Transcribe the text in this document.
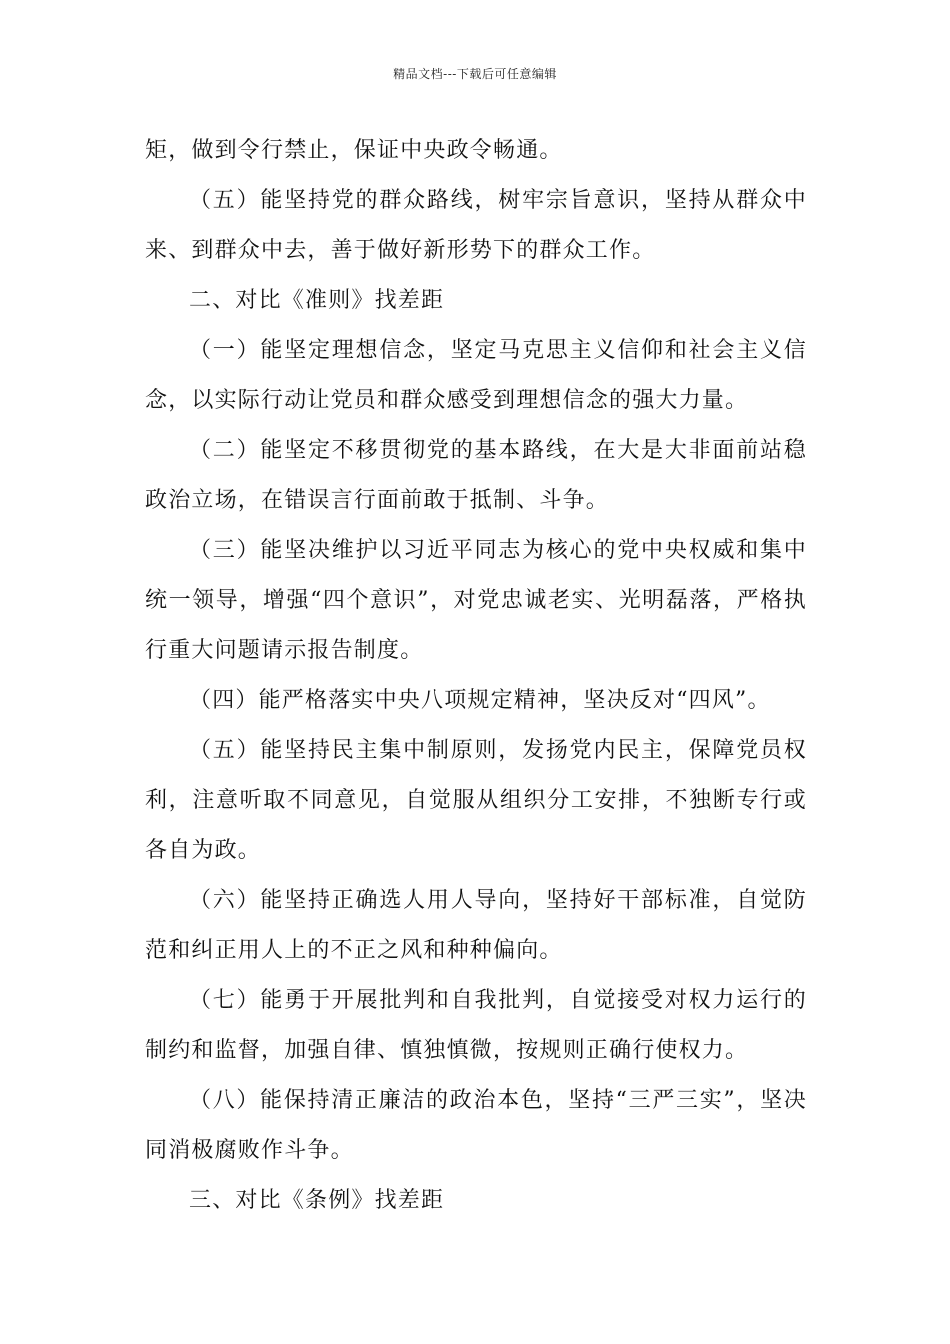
精品文档---下载后可任意编辑

矩，做到令行禁止，保证中央政令畅通。

（五）能坚持党的群众路线，树牢宗旨意识，坚持从群众中来、到群众中去，善于做好新形势下的群众工作。

二、对比《准则》找差距

（一）能坚定理想信念，坚定马克思主义信仰和社会主义信念，以实际行动让党员和群众感受到理想信念的强大力量。

（二）能坚定不移贯彻党的基本路线，在大是大非面前站稳政治立场，在错误言行面前敢于抵制、斗争。

（三）能坚决维护以习近平同志为核心的党中央权威和集中统一领导，增强“四个意识”，对党忠诚老实、光明磊落，严格执行重大问题请示报告制度。

（四）能严格落实中央八项规定精神，坚决反对“四风”。

（五）能坚持民主集中制原则，发扬党内民主，保障党员权利，注意听取不同意见，自觉服从组织分工安排，不独断专行或各自为政。

（六）能坚持正确选人用人导向，坚持好干部标准，自觉防范和纠正用人上的不正之风和种种偏向。

（七）能勇于开展批判和自我批判，自觉接受对权力运行的制约和监督，加强自律、慎独慎微，按规则正确行使权力。

（八）能保持清正廉洁的政治本色，坚持“三严三实”，坚决同消极腐败作斗争。

三、对比《条例》找差距
